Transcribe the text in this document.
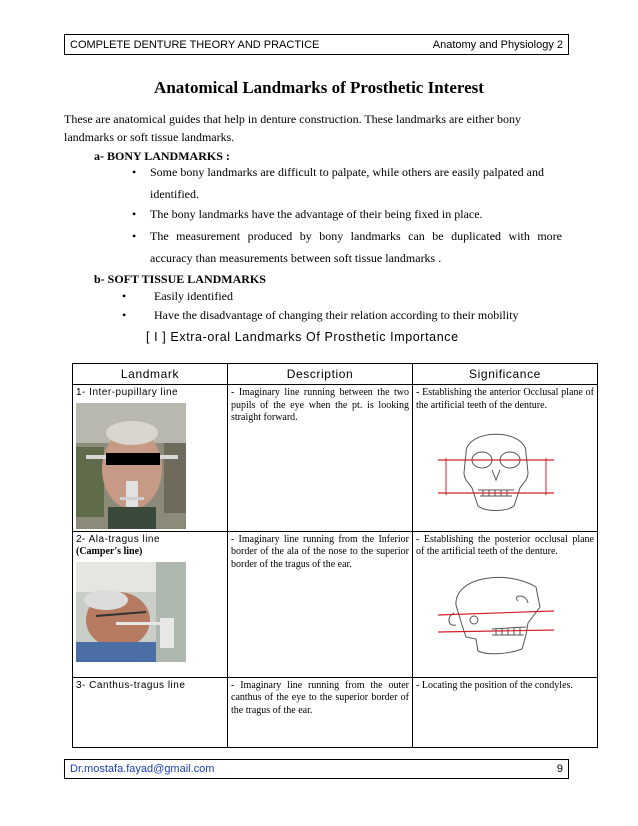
COMPLETE DENTURE THEORY AND PRACTICE	Anatomy and Physiology 2
Anatomical Landmarks of Prosthetic Interest
These are anatomical guides that help in denture construction. These landmarks are either bony
landmarks or soft tissue landmarks.
a- BONY LANDMARKS :
• Some bony landmarks are difficult to palpate, while others are easily palpated and
identified.
• The bony landmarks have the advantage of their being fixed in place.
• The measurement produced by bony landmarks can be duplicated with more
accuracy than measurements between soft tissue landmarks .
b- SOFT TISSUE LANDMARKS
• Easily identified
• Have the disadvantage of changing their relation according to their mobility
[ I ] Extra-oral Landmarks Of Prosthetic Importance
Landmark	Description	Significance

1- Inter-pupillary line	- Imaginary line running between the two pupils of the eye when the pt. is looking straight forward.	- Establishing the anterior Occlusal plane of the artificial teeth of the denture.

2- Ala-tragus line
(Camper's line)	- Imaginary line running from the Inferior border of the ala of the nose to the superior border of the tragus of the ear.	- Establishing the posterior occlusal plane of the artificial teeth of the denture.

3- Canthus-tragus line	- Imaginary line running from the outer canthus of the eye to the superior border of the tragus of the ear.	- Locating the position of the condyles.
Dr.mostafa.fayad@gmail.com	9
